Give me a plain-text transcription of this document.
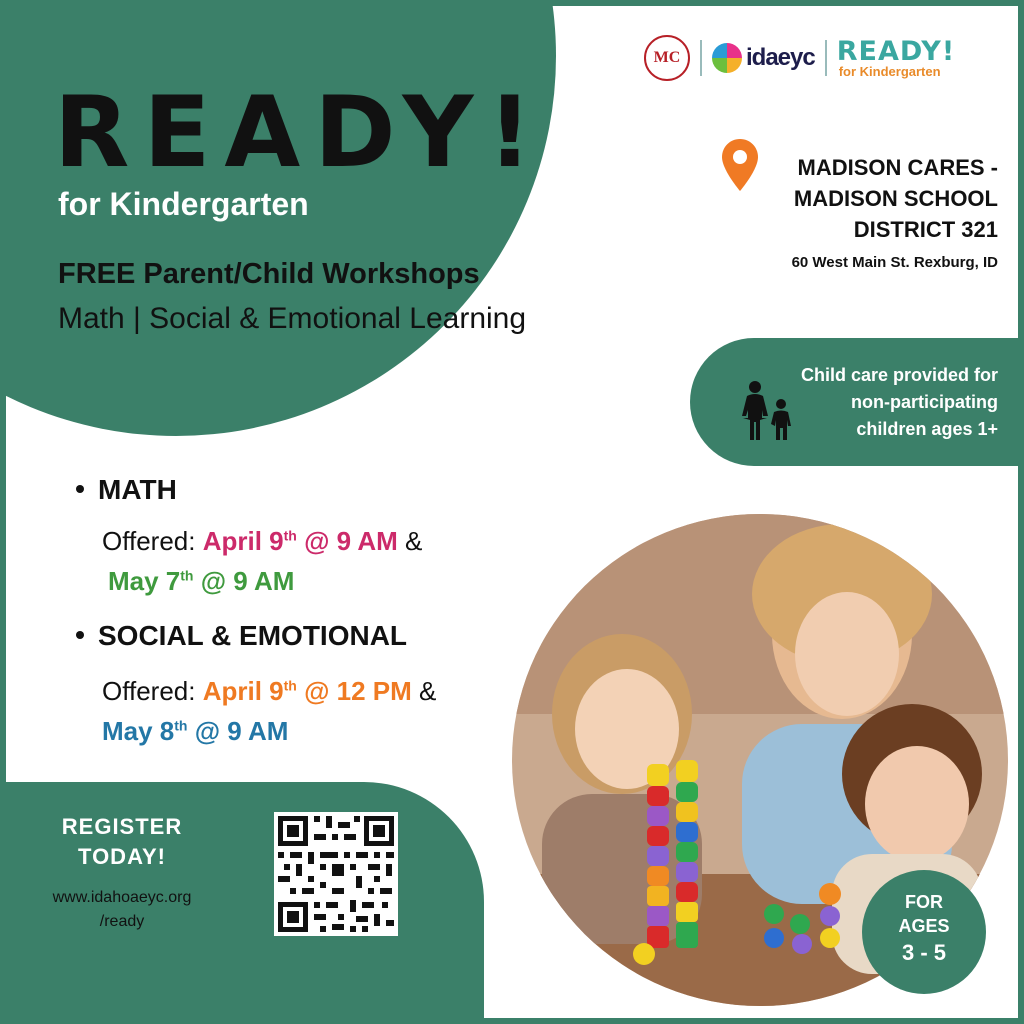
READY!
for Kindergarten
FREE Parent/Child Workshops
Math | Social & Emotional Learning
MC	idaeyc READY!
for Kindergarten
MADISON CARES -
MADISON SCHOOL
DISTRICT 321
60 West Main St. Rexburg, ID
Child care provided for
non-participating
children ages 1+
MATH
Offered: April 9th @ 9 AM &
May 7th @ 9 AM
SOCIAL & EMOTIONAL
Offered: April 9th @ 12 PM &
May 8th @ 9 AM
REGISTER
TODAY!
www.idahoaeyc.org
/ready
FOR
AGES
3 - 5
